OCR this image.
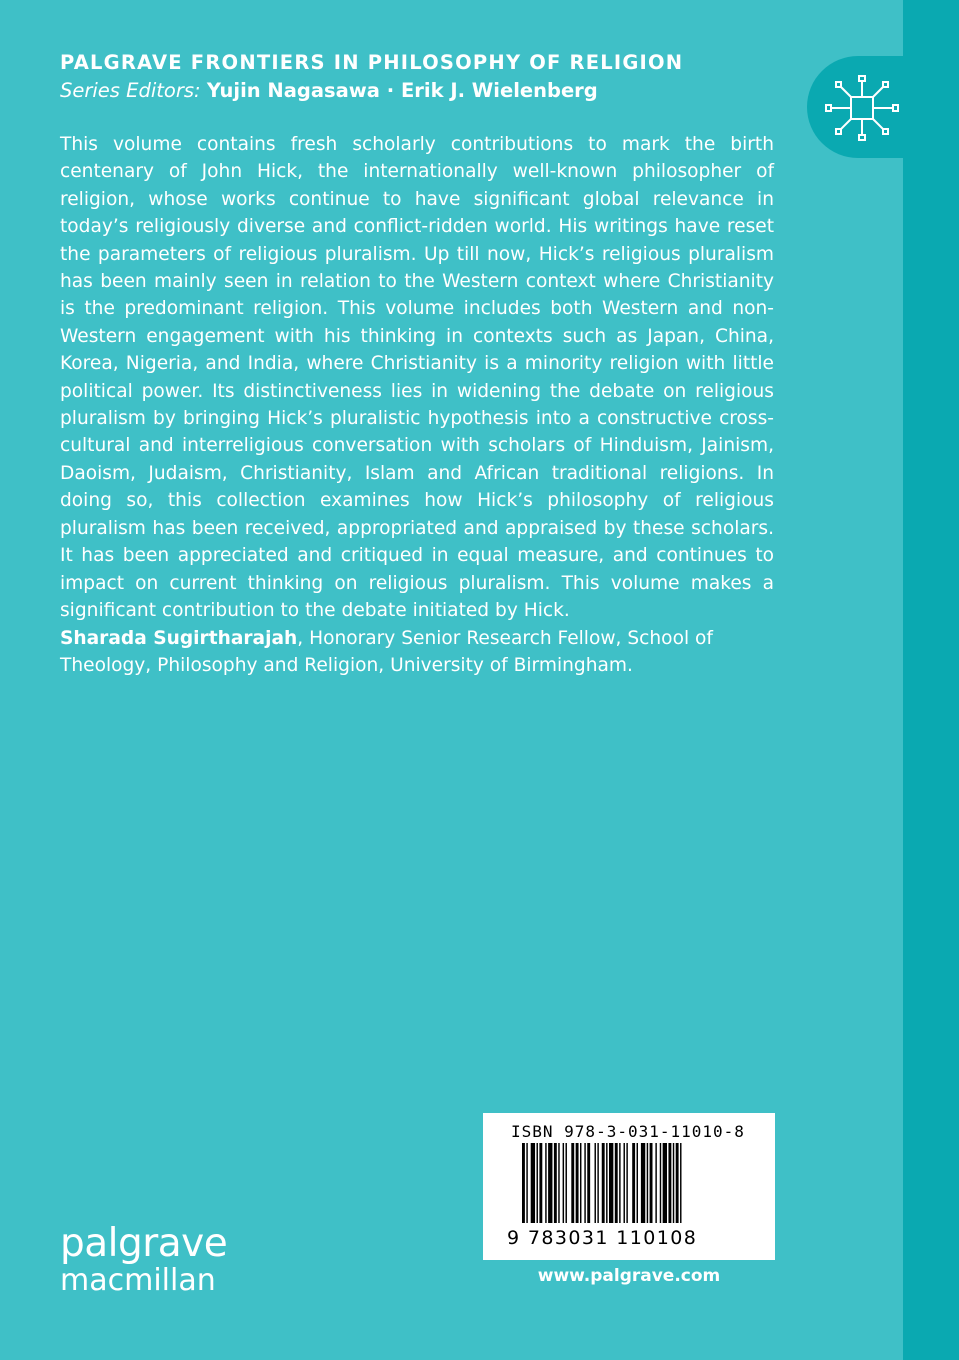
PALGRAVE FRONTIERS IN PHILOSOPHY OF RELIGION
Series Editors: Yujin Nagasawa · Erik J. Wielenberg

This volume contains fresh scholarly contributions to mark the birth centenary of John Hick, the internationally well-known philosopher of religion, whose works continue to have significant global relevance in today’s religiously diverse and conflict-ridden world. His writings have reset the parameters of religious pluralism. Up till now, Hick’s religious pluralism has been mainly seen in relation to the Western context where Christianity is the predominant religion. This volume includes both Western and non-Western engagement with his thinking in contexts such as Japan, China, Korea, Nigeria, and India, where Christianity is a minority religion with little political power. Its distinctiveness lies in widening the debate on religious pluralism by bringing Hick’s pluralistic hypothesis into a constructive cross-cultural and interreligious conversation with scholars of Hinduism, Jainism, Daoism, Judaism, Christianity, Islam and African traditional religions. In doing so, this collection examines how Hick’s philosophy of religious pluralism has been received, appropriated and appraised by these scholars. It has been appreciated and critiqued in equal measure, and continues to impact on current thinking on religious pluralism. This volume makes a significant contribution to the debate initiated by Hick.

Sharada Sugirtharajah, Honorary Senior Research Fellow, School of Theology, Philosophy and Religion, University of Birmingham.

palgrave
macmillan
ISBN 978-3-031-11010-8
9 783031 110108
www.palgrave.com
